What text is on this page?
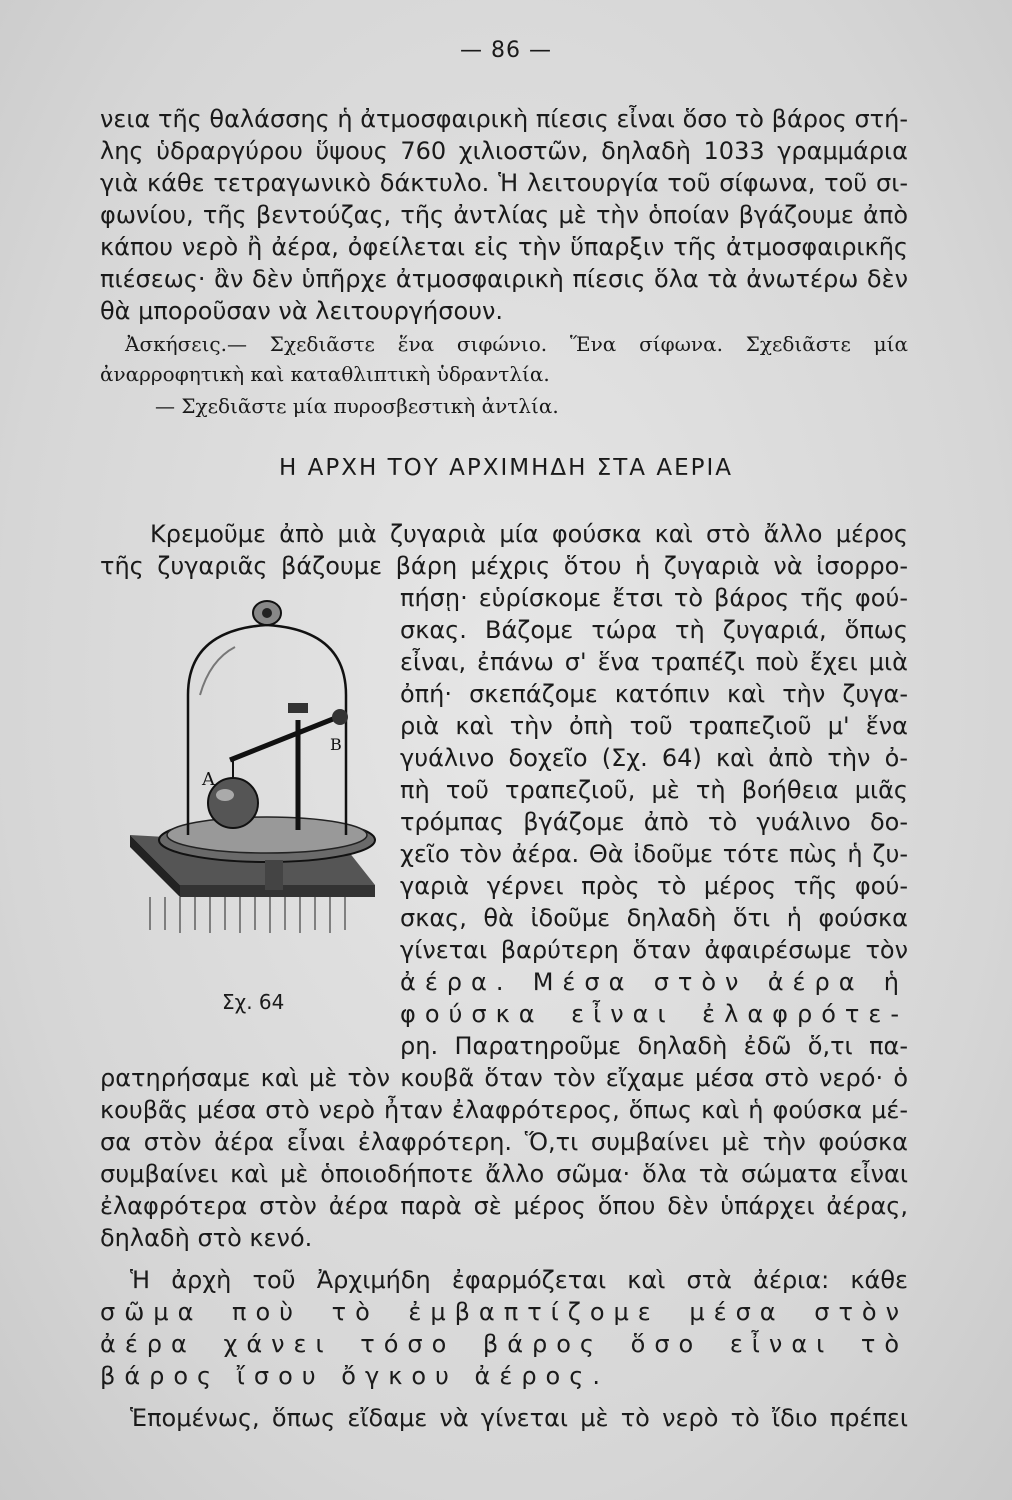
— 86 —
νεια τῆς θαλάσσης ἡ ἀτμοσφαιρικὴ πίεσις εἶναι ὅσο τὸ βάρος στή-
λης ὑδραργύρου ὕψους 760 χιλιοστῶν, δηλαδὴ 1033 γραμμάρια
γιὰ κάθε τετραγωνικὸ δάκτυλο. Ἡ λειτουργία τοῦ σίφωνα, τοῦ σι-
φωνίου, τῆς βεντούζας, τῆς ἀντλίας μὲ τὴν ὁποίαν βγάζουμε ἀπὸ
κάπου νερὸ ἢ ἀέρα, ὀφείλεται εἰς τὴν ὕπαρξιν τῆς ἀτμοσφαιρικῆς
πιέσεως· ἂν δὲν ὑπῆρχε ἀτμοσφαιρικὴ πίεσις ὅλα τὰ ἀνωτέρω δὲν
θὰ μποροῦσαν νὰ λειτουργήσουν.
Ἀσκήσεις.— Σχεδιᾶστε ἕνα σιφώνιο. Ἕνα σίφωνα. Σχεδιᾶστε μία
ἀναρροφητικὴ καὶ καταθλιπτικὴ ὑδραντλία.
— Σχεδιᾶστε μία πυροσβεστικὴ ἀντλία.
Η ΑΡΧΗ ΤΟΥ ΑΡΧΙΜΗΔΗ ΣΤΑ ΑΕΡΙΑ
Κρεμοῦμε ἀπὸ μιὰ ζυγαριὰ μία φούσκα καὶ στὸ ἄλλο μέρος
τῆς ζυγαριᾶς βάζουμε βάρη μέχρις ὅτου ἡ ζυγαριὰ νὰ ἰσορρο-
πήσῃ· εὑρίσκομε ἔτσι τὸ βάρος τῆς φού-
σκας. Βάζομε τώρα τὴ ζυγαριά, ὅπως
εἶναι, ἐπάνω σ' ἕνα τραπέζι ποὺ ἔχει μιὰ
ὀπή· σκεπάζομε κατόπιν καὶ τὴν ζυγα-
ριὰ καὶ τὴν ὀπὴ τοῦ τραπεζιοῦ μ' ἕνα
γυάλινο δοχεῖο (Σχ. 64) καὶ ἀπὸ τὴν ὀ-
πὴ τοῦ τραπεζιοῦ, μὲ τὴ βοήθεια μιᾶς
τρόμπας βγάζομε ἀπὸ τὸ γυάλινο δο-
χεῖο τὸν ἀέρα. Θὰ ἰδοῦμε τότε πὼς ἡ ζυ-
γαριὰ γέρνει πρὸς τὸ μέρος τῆς φού-
σκας, θὰ ἰδοῦμε δηλαδὴ ὅτι ἡ φούσκα
γίνεται βαρύτερη ὅταν ἀφαιρέσωμε τὸν
ἀέρα. Μέσα στὸν ἀέρα ἡ
φούσκα εἶναι ἐλαφρότε-
ρη. Παρατηροῦμε δηλαδὴ ἐδῶ ὅ,τι πα-
ρατηρήσαμε καὶ μὲ τὸν κουβᾶ ὅταν τὸν εἴχαμε μέσα στὸ νερό· ὁ
κουβᾶς μέσα στὸ νερὸ ἦταν ἐλαφρότερος, ὅπως καὶ ἡ φούσκα μέ-
σα στὸν ἀέρα εἶναι ἐλαφρότερη. Ὅ,τι συμβαίνει μὲ τὴν φούσκα
συμβαίνει καὶ μὲ ὁποιοδήποτε ἄλλο σῶμα· ὅλα τὰ σώματα εἶναι
ἐλαφρότερα στὸν ἀέρα παρὰ σὲ μέρος ὅπου δὲν ὑπάρχει ἀέρας,
δηλαδὴ στὸ κενό.
Ἡ ἀρχὴ τοῦ Ἀρχιμήδη ἐφαρμόζεται καὶ στὰ ἀέρια: κάθε
σῶμα ποὺ τὸ ἐμβαπτίζομε μέσα στὸν
ἀέρα χάνει τόσο βάρος ὅσο εἶναι τὸ
βάρος ἴσου ὄγκου ἀέρος.
Ἑπομένως, ὅπως εἴδαμε νὰ γίνεται μὲ τὸ νερὸ τὸ ἴδιο πρέπει
Α
Β
Σχ. 64
